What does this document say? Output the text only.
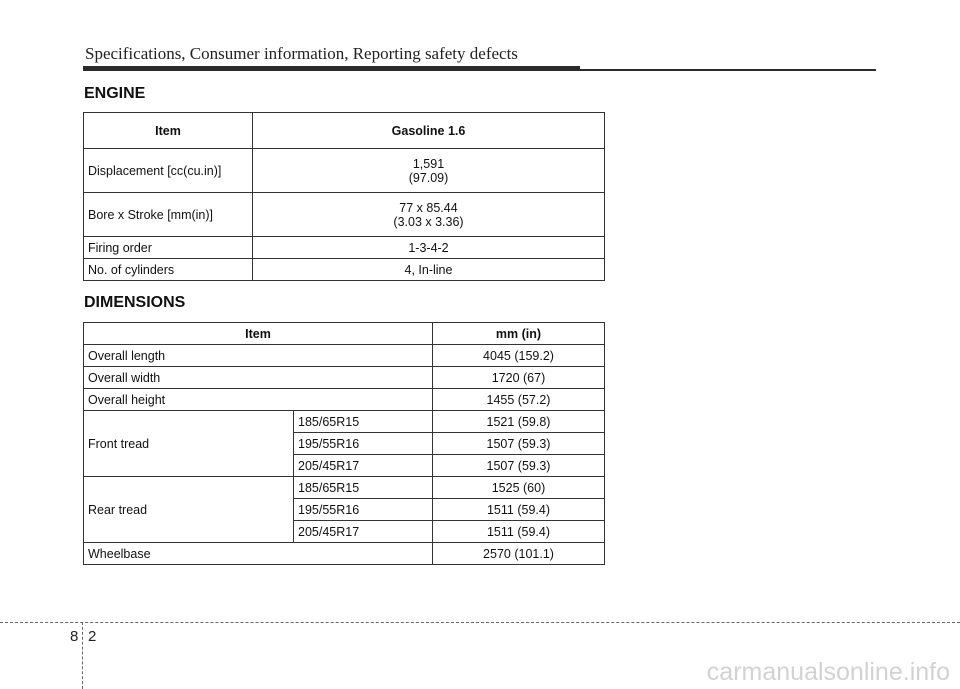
Specifications, Consumer information, Reporting safety defects
ENGINE
Item	Gasoline 1.6
Displacement [cc(cu.in)]	1,591
(97.09)

Bore x Stroke [mm(in)]	77 x 85.44
(3.03 x 3.36)

Firing order	1-3-4-2
No. of cylinders	4, In-line
DIMENSIONS
Item		mm (in)
Overall length		4045 (159.2)
Overall width		1720 (67)
Overall height		1455 (57.2)
Front tread	185/65R15	1521 (59.8)
	195/55R16	1507 (59.3)
	205/45R17	1507 (59.3)
Rear tread	185/65R15	1525 (60)
	195/55R16	1511 (59.4)
	205/45R17	1511 (59.4)
Wheelbase		2570 (101.1)
8 2
carmanualsonline.info
